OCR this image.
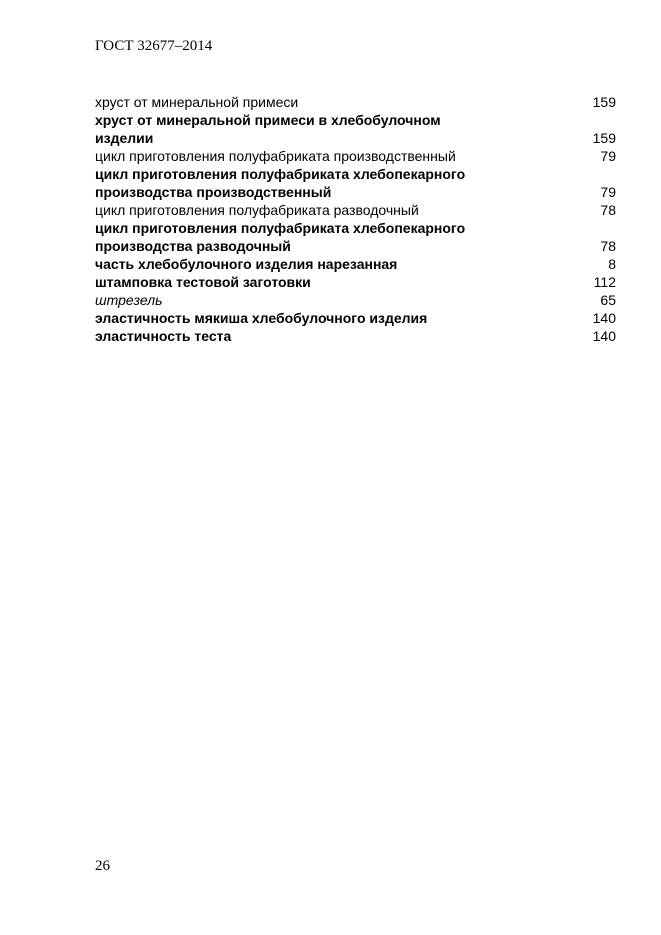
ГОСТ 32677–2014
хруст от минеральной примеси	159
хруст от минеральной примеси в хлебобулочном
изделии	159
цикл приготовления полуфабриката производственный	79
цикл приготовления полуфабриката хлебопекарного
производства производственный	79
цикл приготовления полуфабриката разводочный	78
цикл приготовления полуфабриката хлебопекарного
производства разводочный	78
часть хлебобулочного изделия нарезанная	8
штамповка тестовой заготовки	112
штрезель	65
эластичность мякиша хлебобулочного изделия	140
эластичность теста	140
26
